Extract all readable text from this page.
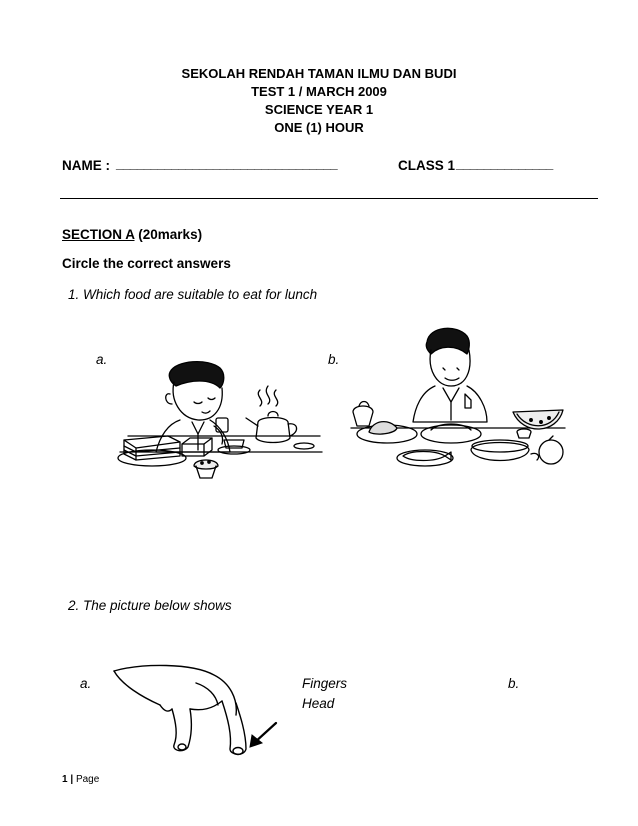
SEKOLAH RENDAH TAMAN ILMU DAN BUDI
TEST 1 / MARCH 2009
SCIENCE YEAR 1
ONE (1) HOUR
NAME : ________________________________	CLASS 1 ______________
SECTION A (20marks)
Circle the correct answers
1. Which food are suitable to eat for lunch
a.	b.
2. The picture below shows
a.	b.
Fingers
Head
1 | Page
